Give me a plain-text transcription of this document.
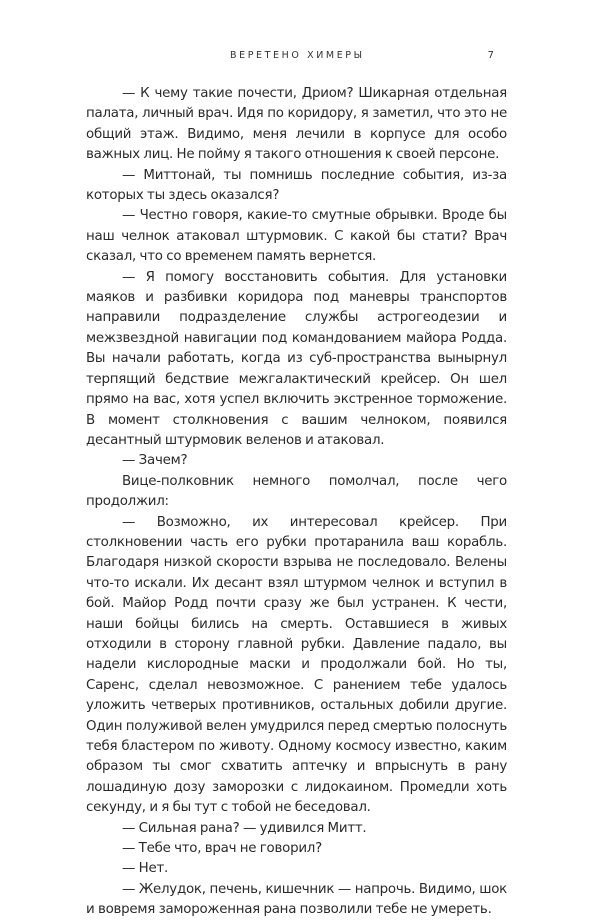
ВЕРЕТЕНО ХИМЕРЫ	7

— К чему такие почести, Дриом? Шикарная отдельная палата, личный врач. Идя по коридору, я заметил, что это не общий этаж. Видимо, меня лечили в корпусе для особо важных лиц. Не пойму я такого отношения к своей персоне.

— Миттонай, ты помнишь последние события, из-за которых ты здесь оказался?

— Честно говоря, какие-то смутные обрывки. Вроде бы наш челнок атаковал штурмовик. С какой бы стати? Врач сказал, что со временем память вернется.

— Я помогу восстановить события. Для установки маяков и разбивки коридора под маневры транспортов направили подразделение службы астрогеодезии и межзвездной навигации под командованием майора Родда. Вы начали работать, когда из суб-пространства вынырнул терпящий бедствие межгалактический крейсер. Он шел прямо на вас, хотя успел включить экстренное торможение. В момент столкновения с вашим челноком, появился десантный штурмовик веленов и атаковал.

— Зачем?

Вице-полковник немного помолчал, после чего продолжил:

— Возможно, их интересовал крейсер. При столкновении часть его рубки протаранила ваш корабль. Благодаря низкой скорости взрыва не последовало. Велены что-то искали. Их десант взял штурмом челнок и вступил в бой. Майор Родд почти сразу же был устранен. К чести, наши бойцы бились на смерть. Оставшиеся в живых отходили в сторону главной рубки. Давление падало, вы надели кислородные маски и продолжали бой. Но ты, Саренс, сделал невозможное. С ранением тебе удалось уложить четверых противников, остальных добили другие. Один полуживой велен умудрился перед смертью полоснуть тебя бластером по животу. Одному космосу известно, каким образом ты смог схватить аптечку и впрыснуть в рану лошадиную дозу заморозки с лидокаином. Промедли хоть секунду, и я бы тут с тобой не беседовал.

— Сильная рана? — удивился Митт.

— Тебе что, врач не говорил?

— Нет.

— Желудок, печень, кишечник — напрочь. Видимо, шок и вовремя замороженная рана позволили тебе не умереть.
